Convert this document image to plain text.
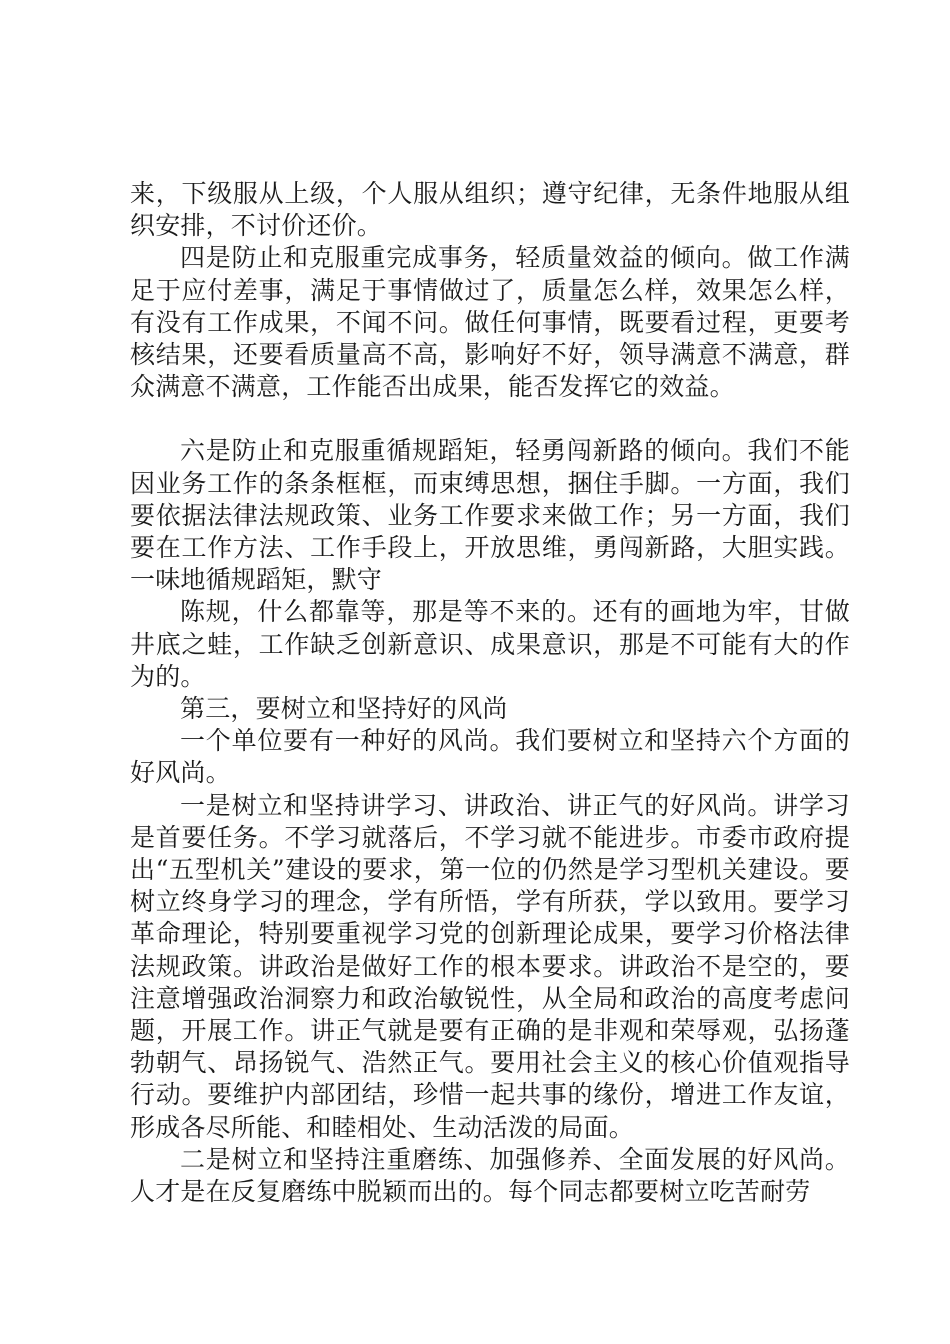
来，下级服从上级，个人服从组织；遵守纪律，无条件地服从组织安排，不讨价还价。

四是防止和克服重完成事务，轻质量效益的倾向。做工作满足于应付差事，满足于事情做过了，质量怎么样，效果怎么样，有没有工作成果，不闻不问。做任何事情，既要看过程，更要考核结果，还要看质量高不高，影响好不好，领导满意不满意，群众满意不满意，工作能否出成果，能否发挥它的效益。

六是防止和克服重循规蹈矩，轻勇闯新路的倾向。我们不能因业务工作的条条框框，而束缚思想，捆住手脚。一方面，我们要依据法律法规政策、业务工作要求来做工作；另一方面，我们要在工作方法、工作手段上，开放思维，勇闯新路，大胆实践。一味地循规蹈矩，默守

陈规，什么都靠等，那是等不来的。还有的画地为牢，甘做井底之蛙，工作缺乏创新意识、成果意识，那是不可能有大的作为的。

第三，要树立和坚持好的风尚

一个单位要有一种好的风尚。我们要树立和坚持六个方面的好风尚。

一是树立和坚持讲学习、讲政治、讲正气的好风尚。讲学习是首要任务。不学习就落后，不学习就不能进步。市委市政府提出“五型机关”建设的要求，第一位的仍然是学习型机关建设。要树立终身学习的理念，学有所悟，学有所获，学以致用。要学习革命理论，特别要重视学习党的创新理论成果，要学习价格法律法规政策。讲政治是做好工作的根本要求。讲政治不是空的，要注意增强政治洞察力和政治敏锐性，从全局和政治的高度考虑问题，开展工作。讲正气就是要有正确的是非观和荣辱观，弘扬蓬勃朝气、昂扬锐气、浩然正气。要用社会主义的核心价值观指导行动。要维护内部团结，珍惜一起共事的缘份，增进工作友谊，形成各尽所能、和睦相处、生动活泼的局面。

二是树立和坚持注重磨练、加强修养、全面发展的好风尚。人才是在反复磨练中脱颖而出的。每个同志都要树立吃苦耐劳
